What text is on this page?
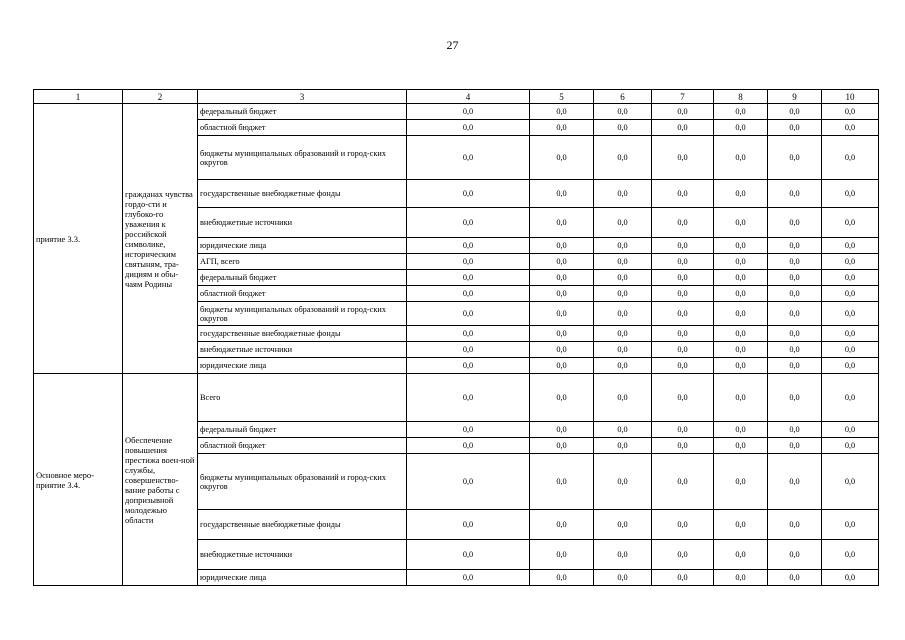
27
1	2	3	4	5	6	7	8	9	10
приятие 3.3.	гражданах чувства гордо-сти и глубоко-го уважения к российской символике, историческим святыням, тра-дициям и обы-чаям Родины	федеральный бюджет	0,0	0,0	0,0	0,0	0,0	0,0	0,0
		областной бюджет	0,0	0,0	0,0	0,0	0,0	0,0	0,0
		бюджеты муниципальных образований и город-ских округов	0,0	0,0	0,0	0,0	0,0	0,0	0,0
		государственные внебюджетные фонды	0,0	0,0	0,0	0,0	0,0	0,0	0,0
		внебюджетные источники	0,0	0,0	0,0	0,0	0,0	0,0	0,0
		юридические лица	0,0	0,0	0,0	0,0	0,0	0,0	0,0
		АГП, всего	0,0	0,0	0,0	0,0	0,0	0,0	0,0
		федеральный бюджет	0,0	0,0	0,0	0,0	0,0	0,0	0,0
		областной бюджет	0,0	0,0	0,0	0,0	0,0	0,0	0,0
		бюджеты муниципальных образований и город-ских округов	0,0	0,0	0,0	0,0	0,0	0,0	0,0
		государственные внебюджетные фонды	0,0	0,0	0,0	0,0	0,0	0,0	0,0
		внебюджетные источники	0,0	0,0	0,0	0,0	0,0	0,0	0,0
		юридические лица	0,0	0,0	0,0	0,0	0,0	0,0	0,0
Основное меро-приятие 3.4.	Обеспечение повышения престижа воен-ной службы, совершенство-вание работы с допризывной молодежью области	Всего	0,0	0,0	0,0	0,0	0,0	0,0	0,0
		федеральный бюджет	0,0	0,0	0,0	0,0	0,0	0,0	0,0
		областной бюджет	0,0	0,0	0,0	0,0	0,0	0,0	0,0
		бюджеты муниципальных образований и город-ских округов	0,0	0,0	0,0	0,0	0,0	0,0	0,0
		государственные внебюджетные фонды	0,0	0,0	0,0	0,0	0,0	0,0	0,0
		внебюджетные источники	0,0	0,0	0,0	0,0	0,0	0,0	0,0
		юридические лица	0,0	0,0	0,0	0,0	0,0	0,0	0,0
